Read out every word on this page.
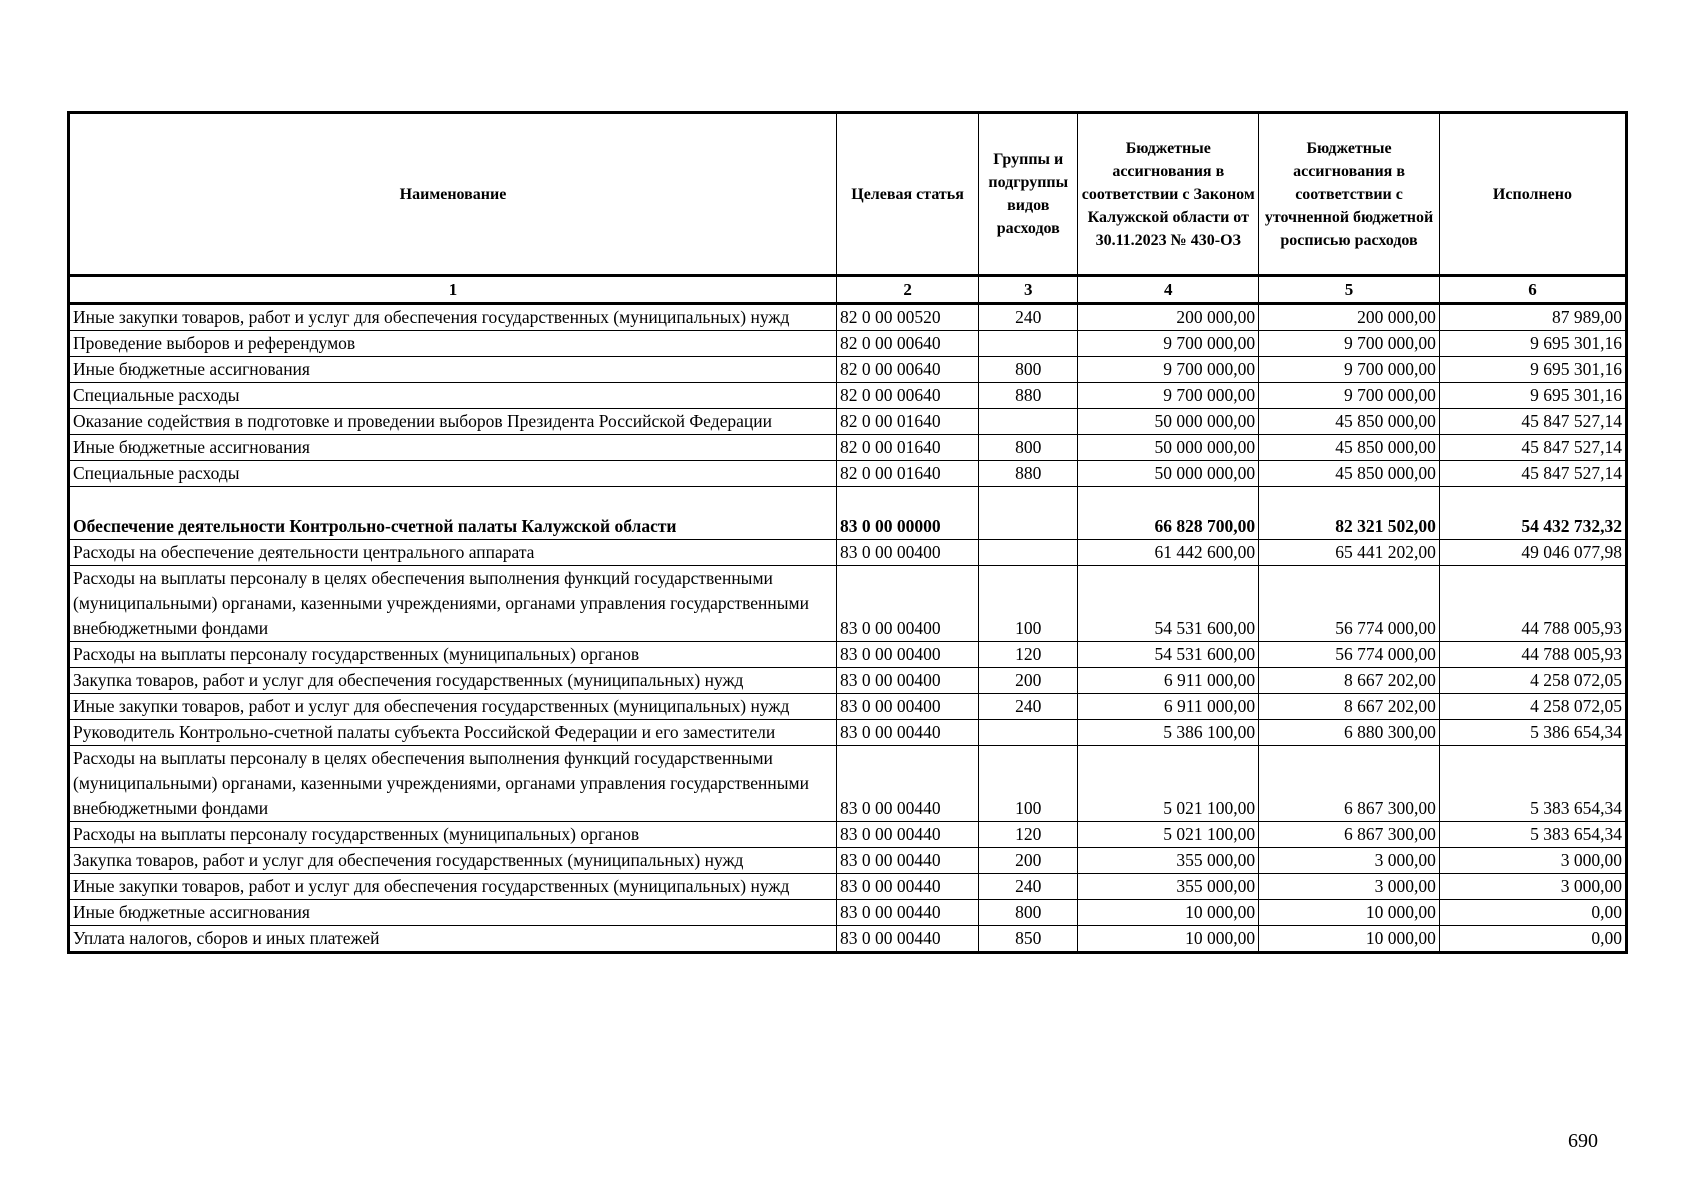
Наименование	Целевая статья	Группы и подгруппы видов расходов	Бюджетные ассигнования в соответствии с Законом Калужской области от 30.11.2023 № 430-ОЗ	Бюджетные ассигнования в соответствии с уточненной бюджетной росписью расходов	Исполнено
1	2	3	4	5	6
Иные закупки товаров, работ и услуг для обеспечения государственных (муниципальных) нужд	82 0 00 00520	240	200 000,00	200 000,00	87 989,00
Проведение выборов и референдумов	82 0 00 00640		9 700 000,00	9 700 000,00	9 695 301,16
Иные бюджетные ассигнования	82 0 00 00640	800	9 700 000,00	9 700 000,00	9 695 301,16
Специальные расходы	82 0 00 00640	880	9 700 000,00	9 700 000,00	9 695 301,16
Оказание содействия в подготовке и проведении выборов Президента Российской Федерации	82 0 00 01640		50 000 000,00	45 850 000,00	45 847 527,14
Иные бюджетные ассигнования	82 0 00 01640	800	50 000 000,00	45 850 000,00	45 847 527,14
Специальные расходы	82 0 00 01640	880	50 000 000,00	45 850 000,00	45 847 527,14
Обеспечение деятельности Контрольно-счетной палаты Калужской области	83 0 00 00000		66 828 700,00	82 321 502,00	54 432 732,32
Расходы на обеспечение деятельности центрального аппарата	83 0 00 00400		61 442 600,00	65 441 202,00	49 046 077,98
Расходы на выплаты персоналу в целях обеспечения выполнения функций государственными (муниципальными) органами, казенными учреждениями, органами управления государственными внебюджетными фондами	83 0 00 00400	100	54 531 600,00	56 774 000,00	44 788 005,93
Расходы на выплаты персоналу государственных (муниципальных) органов	83 0 00 00400	120	54 531 600,00	56 774 000,00	44 788 005,93
Закупка товаров, работ и услуг для обеспечения государственных (муниципальных) нужд	83 0 00 00400	200	6 911 000,00	8 667 202,00	4 258 072,05
Иные закупки товаров, работ и услуг для обеспечения государственных (муниципальных) нужд	83 0 00 00400	240	6 911 000,00	8 667 202,00	4 258 072,05
Руководитель Контрольно-счетной палаты субъекта Российской Федерации и его заместители	83 0 00 00440		5 386 100,00	6 880 300,00	5 386 654,34
Расходы на выплаты персоналу в целях обеспечения выполнения функций государственными (муниципальными) органами, казенными учреждениями, органами управления государственными внебюджетными фондами	83 0 00 00440	100	5 021 100,00	6 867 300,00	5 383 654,34
Расходы на выплаты персоналу государственных (муниципальных) органов	83 0 00 00440	120	5 021 100,00	6 867 300,00	5 383 654,34
Закупка товаров, работ и услуг для обеспечения государственных (муниципальных) нужд	83 0 00 00440	200	355 000,00	3 000,00	3 000,00
Иные закупки товаров, работ и услуг для обеспечения государственных (муниципальных) нужд	83 0 00 00440	240	355 000,00	3 000,00	3 000,00
Иные бюджетные ассигнования	83 0 00 00440	800	10 000,00	10 000,00	0,00
Уплата налогов, сборов и иных платежей	83 0 00 00440	850	10 000,00	10 000,00	0,00
690
